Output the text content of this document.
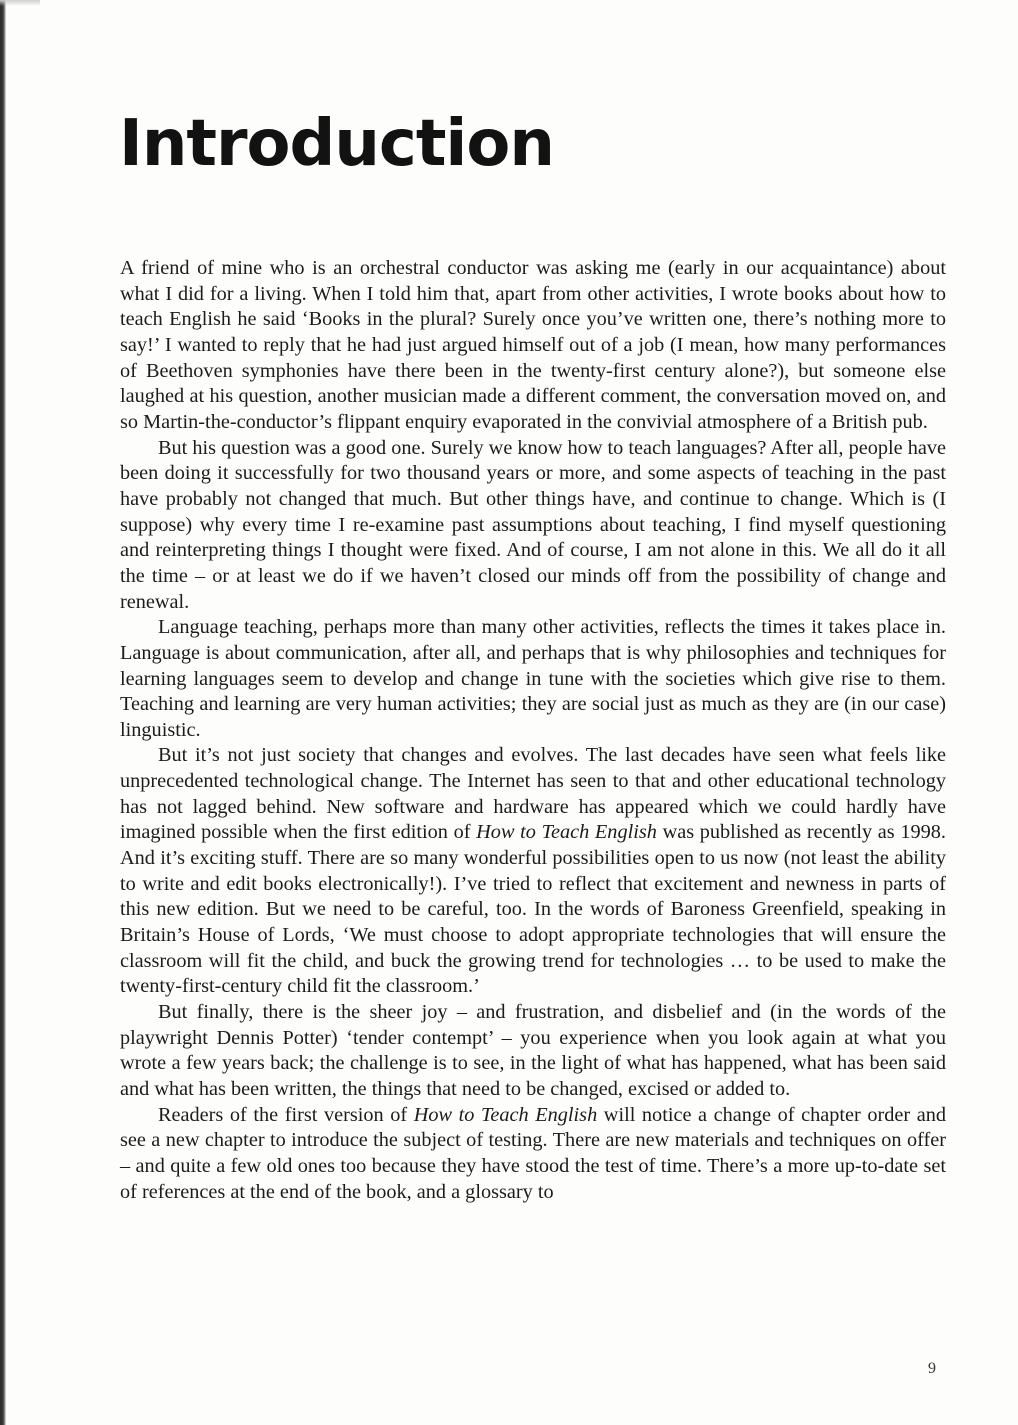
Introduction

A friend of mine who is an orchestral conductor was asking me (early in our acquaintance) about what I did for a living. When I told him that, apart from other activities, I wrote books about how to teach English he said ‘Books in the plural? Surely once you’ve written one, there’s nothing more to say!’ I wanted to reply that he had just argued himself out of a job (I mean, how many performances of Beethoven symphonies have there been in the twenty-first century alone?), but someone else laughed at his question, another musician made a different comment, the conversation moved on, and so Martin-the-conductor’s flippant enquiry evaporated in the convivial atmosphere of a British pub.

But his question was a good one. Surely we know how to teach languages? After all, people have been doing it successfully for two thousand years or more, and some aspects of teaching in the past have probably not changed that much. But other things have, and continue to change. Which is (I suppose) why every time I re-examine past assumptions about teaching, I find myself questioning and reinterpreting things I thought were fixed. And of course, I am not alone in this. We all do it all the time – or at least we do if we haven’t closed our minds off from the possibility of change and renewal.

Language teaching, perhaps more than many other activities, reflects the times it takes place in. Language is about communication, after all, and perhaps that is why philosophies and techniques for learning languages seem to develop and change in tune with the societies which give rise to them. Teaching and learning are very human activities; they are social just as much as they are (in our case) linguistic.

But it’s not just society that changes and evolves. The last decades have seen what feels like unprecedented technological change. The Internet has seen to that and other educational technology has not lagged behind. New software and hardware has appeared which we could hardly have imagined possible when the first edition of How to Teach English was published as recently as 1998. And it’s exciting stuff. There are so many wonderful possibilities open to us now (not least the ability to write and edit books electronically!). I’ve tried to reflect that excitement and newness in parts of this new edition. But we need to be careful, too. In the words of Baroness Greenfield, speaking in Britain’s House of Lords, ‘We must choose to adopt appropriate technologies that will ensure the classroom will fit the child, and buck the growing trend for technologies … to be used to make the twenty-first-century child fit the classroom.’

But finally, there is the sheer joy – and frustration, and disbelief and (in the words of the playwright Dennis Potter) ‘tender contempt’ – you experience when you look again at what you wrote a few years back; the challenge is to see, in the light of what has happened, what has been said and what has been written, the things that need to be changed, excised or added to.

Readers of the first version of How to Teach English will notice a change of chapter order and see a new chapter to introduce the subject of testing. There are new materials and techniques on offer – and quite a few old ones too because they have stood the test of time. There’s a more up-to-date set of references at the end of the book, and a glossary to

9
